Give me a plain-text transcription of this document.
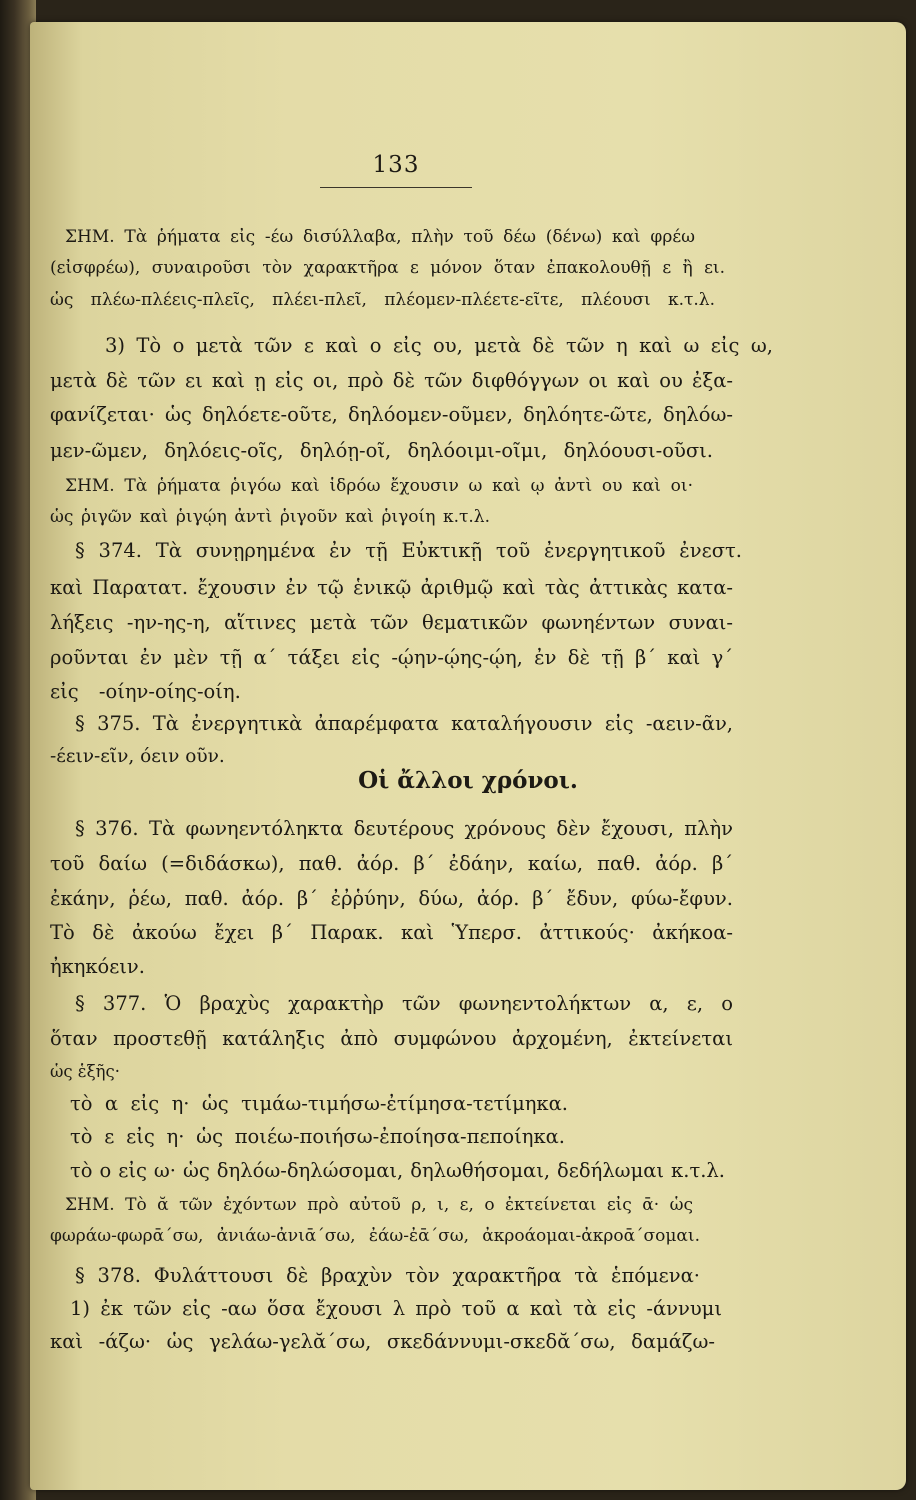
133
ΣΗΜ. Τὰ ῥήματα εἰς -έω δισύλλαβα, πλὴν τοῦ δέω (δένω) καὶ φρέω
(εἰσφρέω), συναιροῦσι τὸν χαρακτῆρα ε μόνον ὅταν ἐπακολουθῇ ε ἢ ει.
ὡς πλέω-πλέεις-πλεῖς, πλέει-πλεῖ, πλέομεν-πλέετε-εῖτε, πλέουσι κ.τ.λ.
3) Τὸ ο μετὰ τῶν ε καὶ ο εἰς ου, μετὰ δὲ τῶν η καὶ ω εἰς ω,
μετὰ δὲ τῶν ει καὶ ῃ εἰς οι, πρὸ δὲ τῶν διφθόγγων οι καὶ ου ἐξα-
φανίζεται· ὡς δηλόετε-οῦτε, δηλόομεν-οῦμεν, δηλόητε-ῶτε, δηλόω-
μεν-ῶμεν, δηλόεις-οῖς, δηλόῃ-οῖ, δηλόοιμι-οῖμι, δηλόουσι-οῦσι.
ΣΗΜ. Τὰ ῥήματα ῥιγόω καὶ ἱδρόω ἔχουσιν ω καὶ ῳ ἀντὶ ου καὶ οι·
ὡς ῥιγῶν καὶ ῥιγῴη ἀντὶ ῥιγοῦν καὶ ῥιγοίη κ.τ.λ.
§ 374. Τὰ συνῃρημένα ἐν τῇ Εὐκτικῇ τοῦ ἐνεργητικοῦ ἐνεστ.
καὶ Παρατατ. ἔχουσιν ἐν τῷ ἑνικῷ ἀριθμῷ καὶ τὰς ἀττικὰς κατα-
λήξεις -ην-ης-η, αἵτινες μετὰ τῶν θεματικῶν φωνηέντων συναι-
ροῦνται ἐν μὲν τῇ α΄ τάξει εἰς -ῴην-ῴης-ῴη, ἐν δὲ τῇ β΄ καὶ γ΄
εἰς -οίην-οίης-οίη.
§ 375. Τὰ ἐνεργητικὰ ἀπαρέμφατα καταλήγουσιν εἰς -αειν-ᾶν,
-έειν-εῖν, όειν οῦν.
§ 376. Τὰ φωνηεντόληκτα δευτέρους χρόνους δὲν ἔχουσι, πλὴν
τοῦ δαίω (=διδάσκω), παθ. ἀόρ. β΄ ἐδάην, καίω, παθ. ἀόρ. β΄
ἐκάην, ῥέω, παθ. ἀόρ. β΄ ἐῤῥύην, δύω, ἀόρ. β΄ ἔδυν, φύω-ἔφυν.
Τὸ δὲ ἀκούω ἔχει β΄ Παρακ. καὶ Ὑπερσ. ἀττικούς· ἀκήκοα-
ἠκηκόειν.
§ 377. Ὁ βραχὺς χαρακτὴρ τῶν φωνηεντολήκτων α, ε, ο
ὅταν προστεθῇ κατάληξις ἀπὸ συμφώνου ἀρχομένη, ἐκτείνεται
ὡς ἑξῆς·
τὸ α εἰς η· ὡς τιμάω-τιμήσω-ἐτίμησα-τετίμηκα.
τὸ ε εἰς η· ὡς ποιέω-ποιήσω-ἐποίησα-πεποίηκα.
τὸ ο εἰς ω· ὡς δηλόω-δηλώσομαι, δηλωθήσομαι, δεδήλωμαι κ.τ.λ.
ΣΗΜ. Τὸ ᾰ τῶν ἐχόντων πρὸ αὐτοῦ ρ, ι, ε, ο ἐκτείνεται εἰς ᾱ· ὡς
φωράω-φωρᾱ΄σω, ἀνιάω-ἀνιᾱ΄σω, ἐάω-ἐᾱ΄σω, ἀκροάομαι-ἀκροᾱ΄σομαι.
§ 378. Φυλάττουσι δὲ βραχὺν τὸν χαρακτῆρα τὰ ἑπόμενα·
1) ἐκ τῶν εἰς -αω ὅσα ἔχουσι λ πρὸ τοῦ α καὶ τὰ εἰς -άννυμι
καὶ -άζω· ὡς γελάω-γελᾰ΄σω, σκεδάννυμι-σκεδᾰ΄σω, δαμάζω-
Οἱ ἄλλοι χρόνοι.
